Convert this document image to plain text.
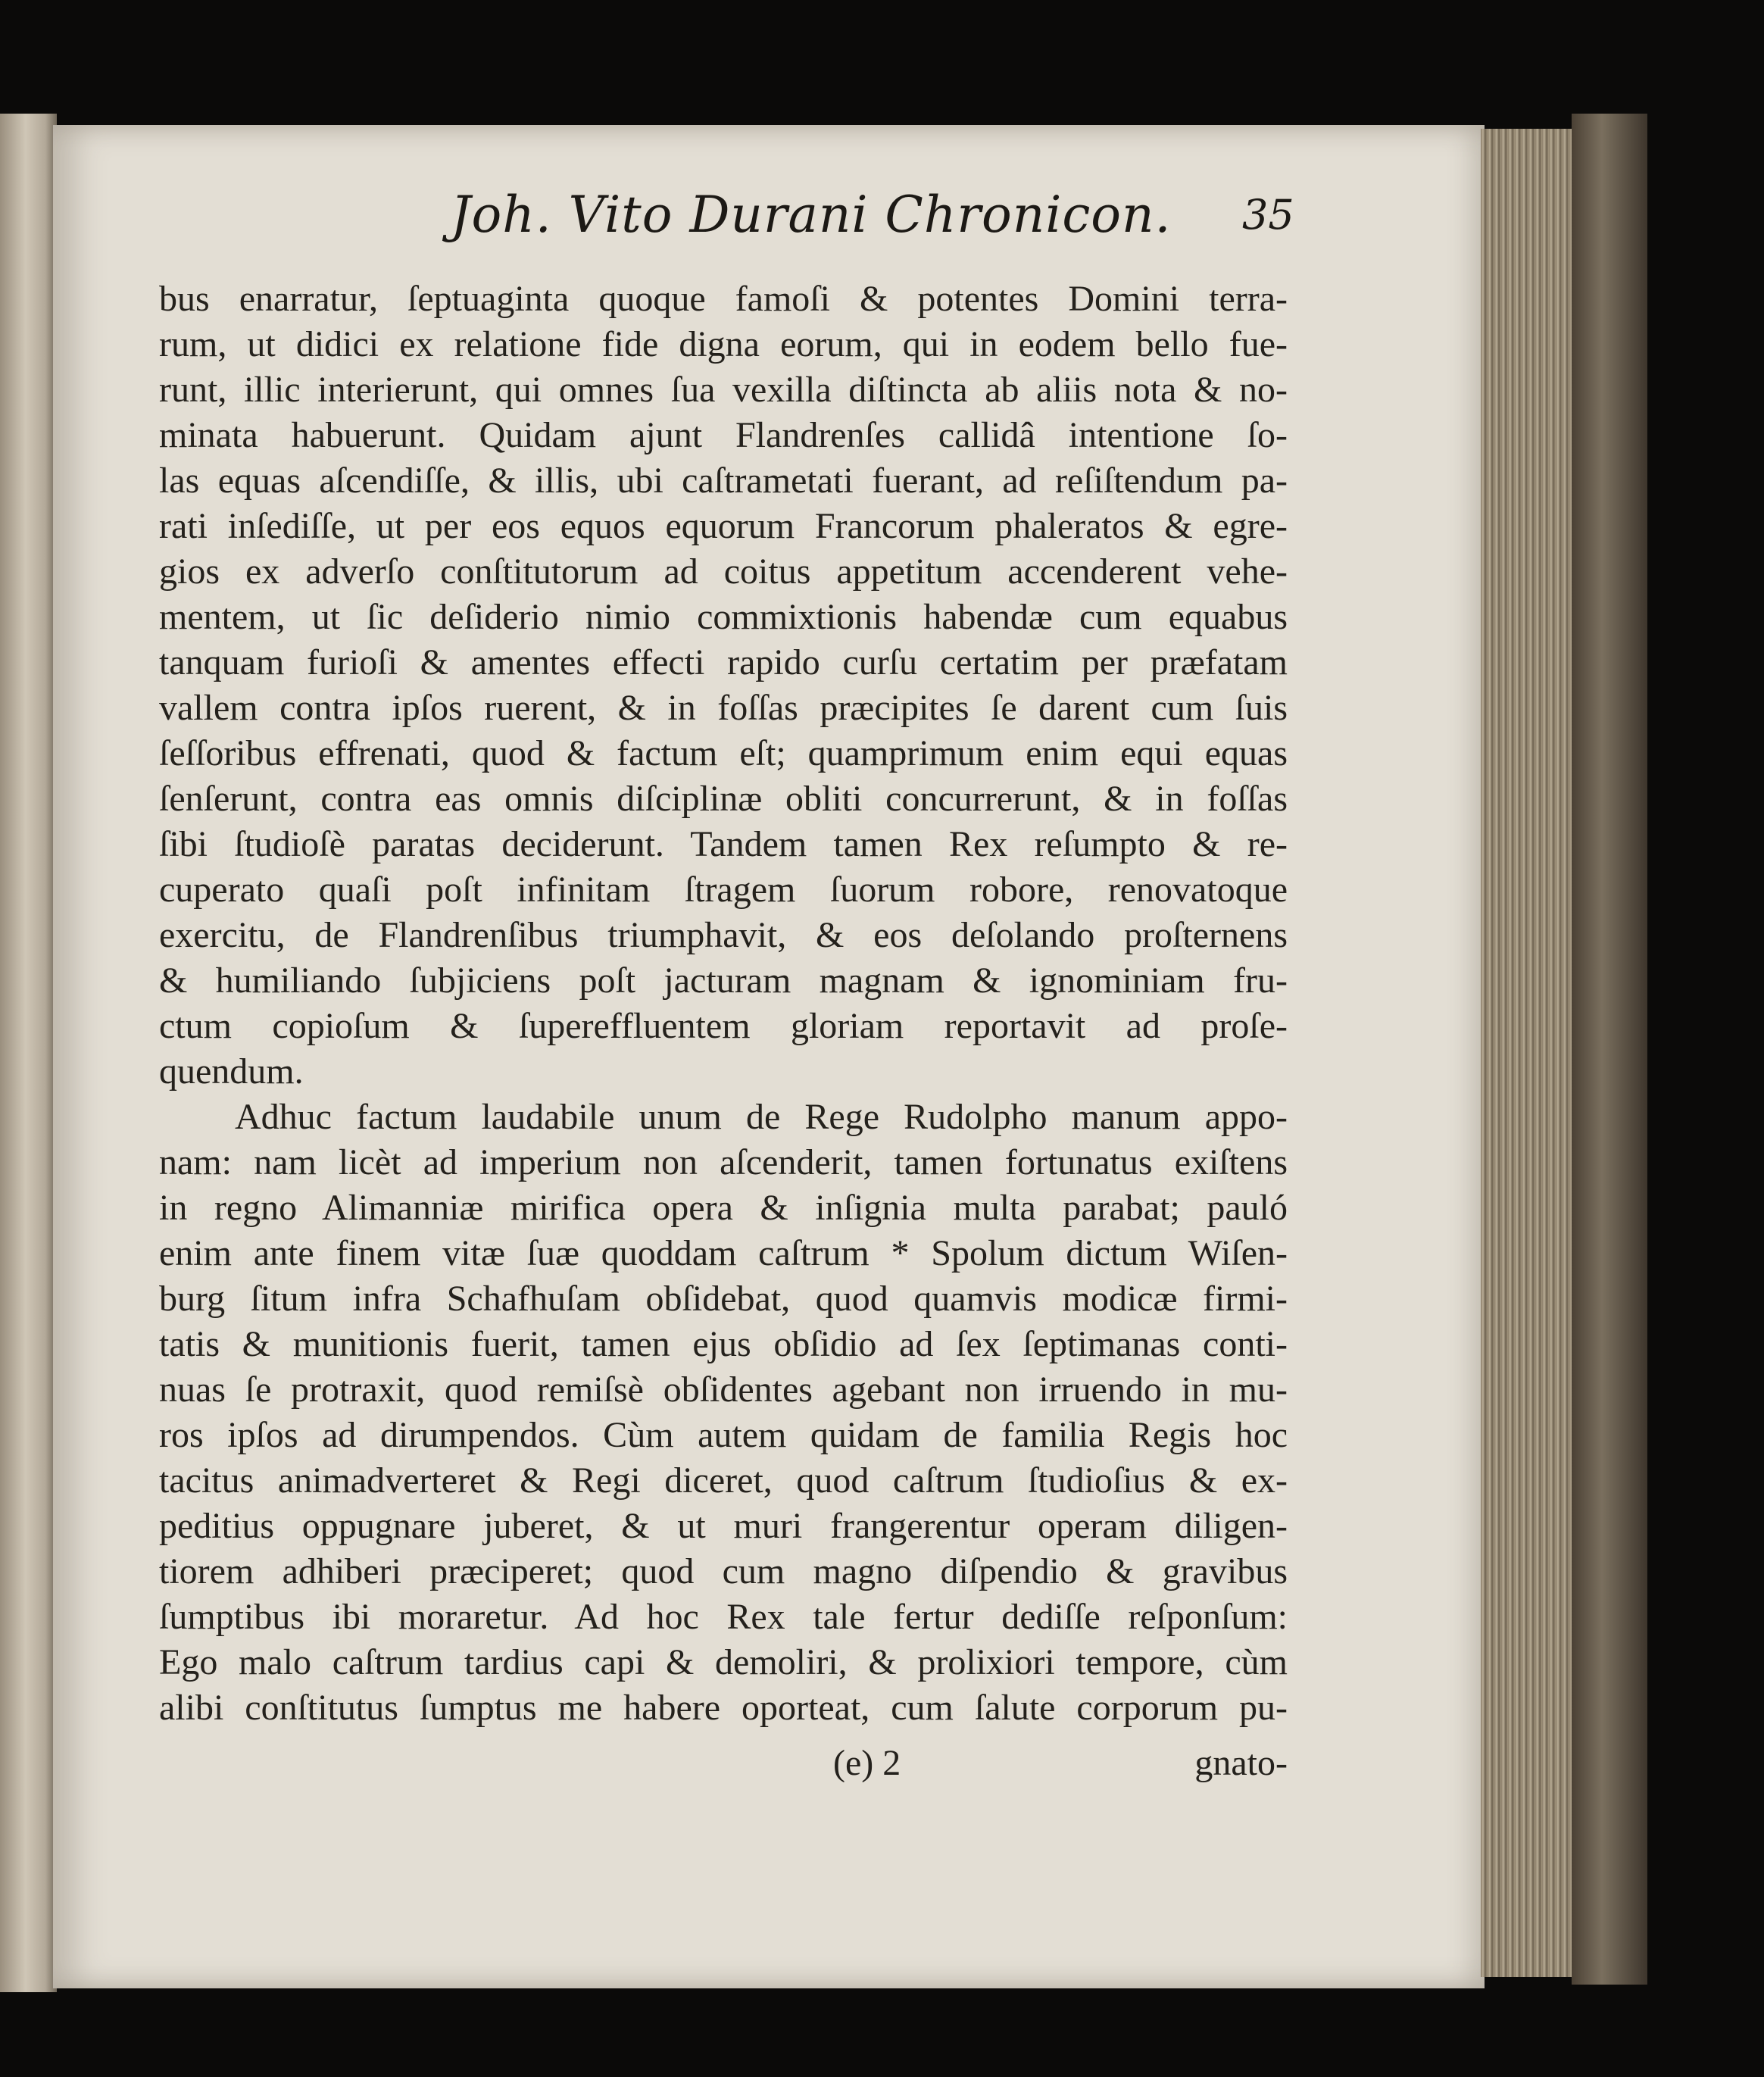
Joh. Vito Durani Chronicon. 35
bus enarratur, ſeptuaginta quoque famoſi & potentes Domini terra-
rum, ut didici ex relatione fide digna eorum, qui in eodem bello fue-
runt, illic interierunt, qui omnes ſua vexilla diſtincta ab aliis nota & no-
minata habuerunt. Quidam ajunt Flandrenſes callidâ intentione ſo-
las equas aſcendiſſe, & illis, ubi caſtrametati fuerant, ad reſiſtendum pa-
rati inſediſſe, ut per eos equos equorum Francorum phaleratos & egre-
gios ex adverſo conſtitutorum ad coitus appetitum accenderent vehe-
mentem, ut ſic deſiderio nimio commixtionis habendæ cum equabus
tanquam furioſi & amentes effecti rapido curſu certatim per præfatam
vallem contra ipſos ruerent, & in foſſas præcipites ſe darent cum ſuis
ſeſſoribus effrenati, quod & factum eſt; quamprimum enim equi equas
ſenſerunt, contra eas omnis diſciplinæ obliti concurrerunt, & in foſſas
ſibi ſtudioſè paratas deciderunt. Tandem tamen Rex reſumpto & re-
cuperato quaſi poſt infinitam ſtragem ſuorum robore, renovatoque
exercitu, de Flandrenſibus triumphavit, & eos deſolando proſternens
& humiliando ſubjiciens poſt jacturam magnam & ignominiam fru-
ctum copioſum & ſupereffluentem gloriam reportavit ad proſe-
quendum.
Adhuc factum laudabile unum de Rege Rudolpho manum appo-
nam: nam licèt ad imperium non aſcenderit, tamen fortunatus exiſtens
in regno Alimanniæ mirifica opera & inſignia multa parabat; pauló
enim ante finem vitæ ſuæ quoddam caſtrum * Spolum dictum Wiſen-
burg ſitum infra Schafhuſam obſidebat, quod quamvis modicæ firmi-
tatis & munitionis fuerit, tamen ejus obſidio ad ſex ſeptimanas conti-
nuas ſe protraxit, quod remiſsè obſidentes agebant non irruendo in mu-
ros ipſos ad dirumpendos. Cùm autem quidam de familia Regis hoc
tacitus animadverteret & Regi diceret, quod caſtrum ſtudioſius & ex-
peditius oppugnare juberet, & ut muri frangerentur operam diligen-
tiorem adhiberi præciperet; quod cum magno diſpendio & gravibus
ſumptibus ibi moraretur. Ad hoc Rex tale fertur dediſſe reſponſum:
Ego malo caſtrum tardius capi & demoliri, & prolixiori tempore, cùm
alibi conſtitutus ſumptus me habere oporteat, cum ſalute corporum pu-
(e) 2	gnato-
